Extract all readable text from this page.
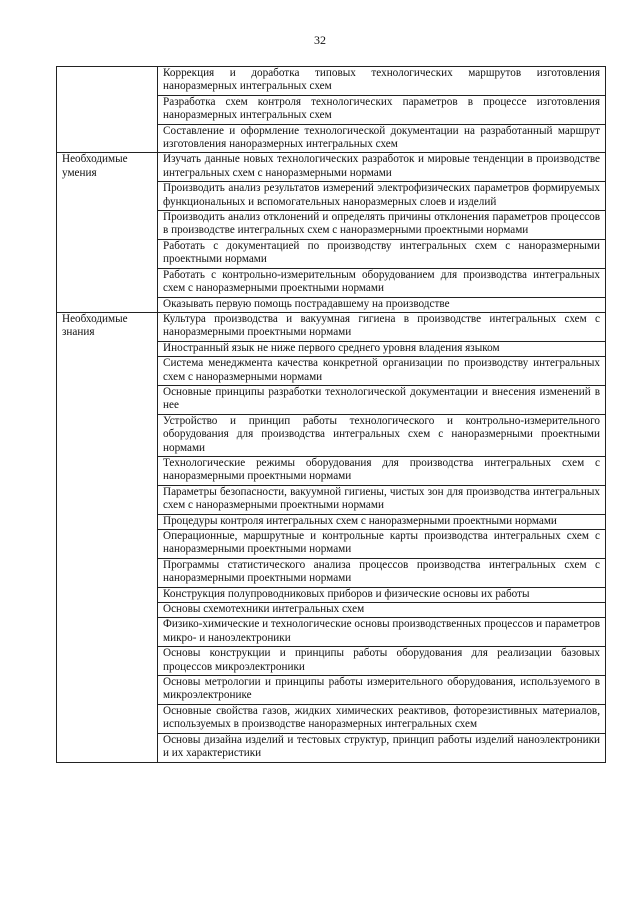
32
	Коррекция и доработка типовых технологических маршрутов изготовления наноразмерных интегральных схем
	Разработка схем контроля технологических параметров в процессе изготовления наноразмерных интегральных схем
	Составление и оформление технологической документации на разработанный маршрут изготовления наноразмерных интегральных схем
Необходимые умения	Изучать данные новых технологических разработок и мировые тенденции в производстве интегральных схем с наноразмерными нормами
	Производить анализ результатов измерений электрофизических параметров формируемых функциональных и вспомогательных наноразмерных слоев и изделий
	Производить анализ отклонений и определять причины отклонения параметров процессов в производстве интегральных схем с наноразмерными проектными нормами
	Работать с документацией по производству интегральных схем с наноразмерными проектными нормами
	Работать с контрольно-измерительным оборудованием для производства интегральных схем с наноразмерными проектными нормами
	Оказывать первую помощь пострадавшему на производстве
Необходимые знания	Культура производства и вакуумная гигиена в производстве интегральных схем с наноразмерными проектными нормами
	Иностранный язык не ниже первого среднего уровня владения языком
	Система менеджмента качества конкретной организации по производству интегральных схем с наноразмерными нормами
	Основные принципы разработки технологической документации и внесения изменений в нее
	Устройство и принцип работы технологического и контрольно-измерительного оборудования для производства интегральных схем с наноразмерными проектными нормами
	Технологические режимы оборудования для производства интегральных схем с наноразмерными проектными нормами
	Параметры безопасности, вакуумной гигиены, чистых зон для производства интегральных схем с наноразмерными проектными нормами
	Процедуры контроля интегральных схем с наноразмерными проектными нормами
	Операционные, маршрутные и контрольные карты производства интегральных схем с наноразмерными проектными нормами
	Программы статистического анализа процессов производства интегральных схем с наноразмерными проектными нормами
	Конструкция полупроводниковых приборов и физические основы их работы
	Основы схемотехники интегральных схем
	Физико-химические и технологические основы производственных процессов и параметров микро- и наноэлектроники
	Основы конструкции и принципы работы оборудования для реализации базовых процессов микроэлектроники
	Основы метрологии и принципы работы измерительного оборудования, используемого в микроэлектронике
	Основные свойства газов, жидких химических реактивов, фоторезистивных материалов, используемых в производстве наноразмерных интегральных схем
	Основы дизайна изделий и тестовых структур, принцип работы изделий наноэлектроники и их характеристики
